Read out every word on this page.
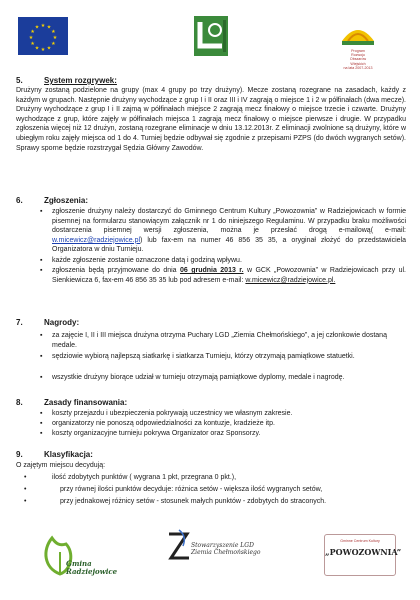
★ ★
★
★
★
★
★
★
★
★
★
★
Program
Rozwoju
Obszarów
Wiejskich
na lata 2007-2013
5.	System rozgrywek:
Drużyny zostaną podzielone na grupy (max 4 grupy po trzy drużyny). Mecze zostaną rozegrane na zasadach, każdy z każdym w grupach. Następnie drużyny wychodzące z grup I i II oraz III i IV zagrają o miejsce 1 i 2 w półfinałach (dwa mecze). Drużyny wychodzące z grup I i II zajmą w półfinałach miejsce 2 zagrają mecz finałowy o miejsce trzecie i czwarte. Drużyny wychodzące z grup, które zajęły w półfinałach miejsca 1 zagrają mecz finałowy o miejsce pierwsze i drugie. W przypadku zgłoszenia więcej niż 12 drużyn, zostaną rozegrane eliminacje w dniu 13.12.2013r. Z eliminacji zwolnione są drużyny, które w ubiegłym roku zajęły miejsca od 1 do 4. Turniej będzie odbywał się zgodnie z przepisami PZPS (do dwóch wygranych setów). Sprawy sporne będzie rozstrzygał Sędzia Główny Zawodów.
6.	Zgłoszenia:
▪ zgłoszenie drużyny należy dostarczyć do Gminnego Centrum Kultury „Powozownia” w Radziejowicach w formie pisemnej na formularzu stanowiącym załącznik nr 1 do niniejszego Regulaminu. W przypadku braku możliwości dostarczenia pisemnej wersji zgłoszenia, można je przesłać drogą e-mailową( e-mail: w.micewicz@radziejowice.pl) lub fax-em na numer 46 856 35 35, a oryginał złożyć do przedstawiciela Organizatora w dniu Turnieju.
▪ każde zgłoszenie zostanie oznaczone datą i godziną wpływu.
▪ zgłoszenia będą przyjmowane do dnia 06 grudnia 2013 r. w GCK „Powozownia” w Radziejowicach przy ul. Sienkiewicza 6, fax-em 46 856 35 35 lub pod adresem e-mail: w.micewicz@radziejowice.pl.
7.	Nagrody:
▪ za zajęcie I, II i III miejsca drużyna otrzyma Puchary LGD „Ziemia Chełmońskiego”, a jej członkowie dostaną medale.
▪ sędziowie wybiorą najlepszą siatkarkę i siatkarza Turnieju, którzy otrzymają pamiątkowe statuetki.
▪ wszystkie drużyny biorące udział w turnieju otrzymają pamiątkowe dyplomy, medale i nagrodę.
8.	Zasady finansowania:
▪ koszty przejazdu i ubezpieczenia pokrywają uczestnicy we własnym zakresie.
▪ organizatorzy nie ponoszą odpowiedzialności za kontuzje, kradzieże itp.
▪ koszty organizacyjne turnieju pokrywa Organizator oraz Sponsorzy.
9.	Klasyfikacja:
O zajętym miejscu decydują:
•	ilość zdobytych punktów ( wygrana 1 pkt, przegrana 0 pkt.),
•	przy równej ilości punktów decyduje: różnica setów - większa ilość wygranych setów,
•	przy jednakowej różnicy setów - stosunek małych punktów - zdobytych do straconych.
Gmina
Radziejowice
Stowarzyszenie LGD
Ziemia Chełmońskiego
Gminne Centrum Kultury
„POWOZOWNIA”
